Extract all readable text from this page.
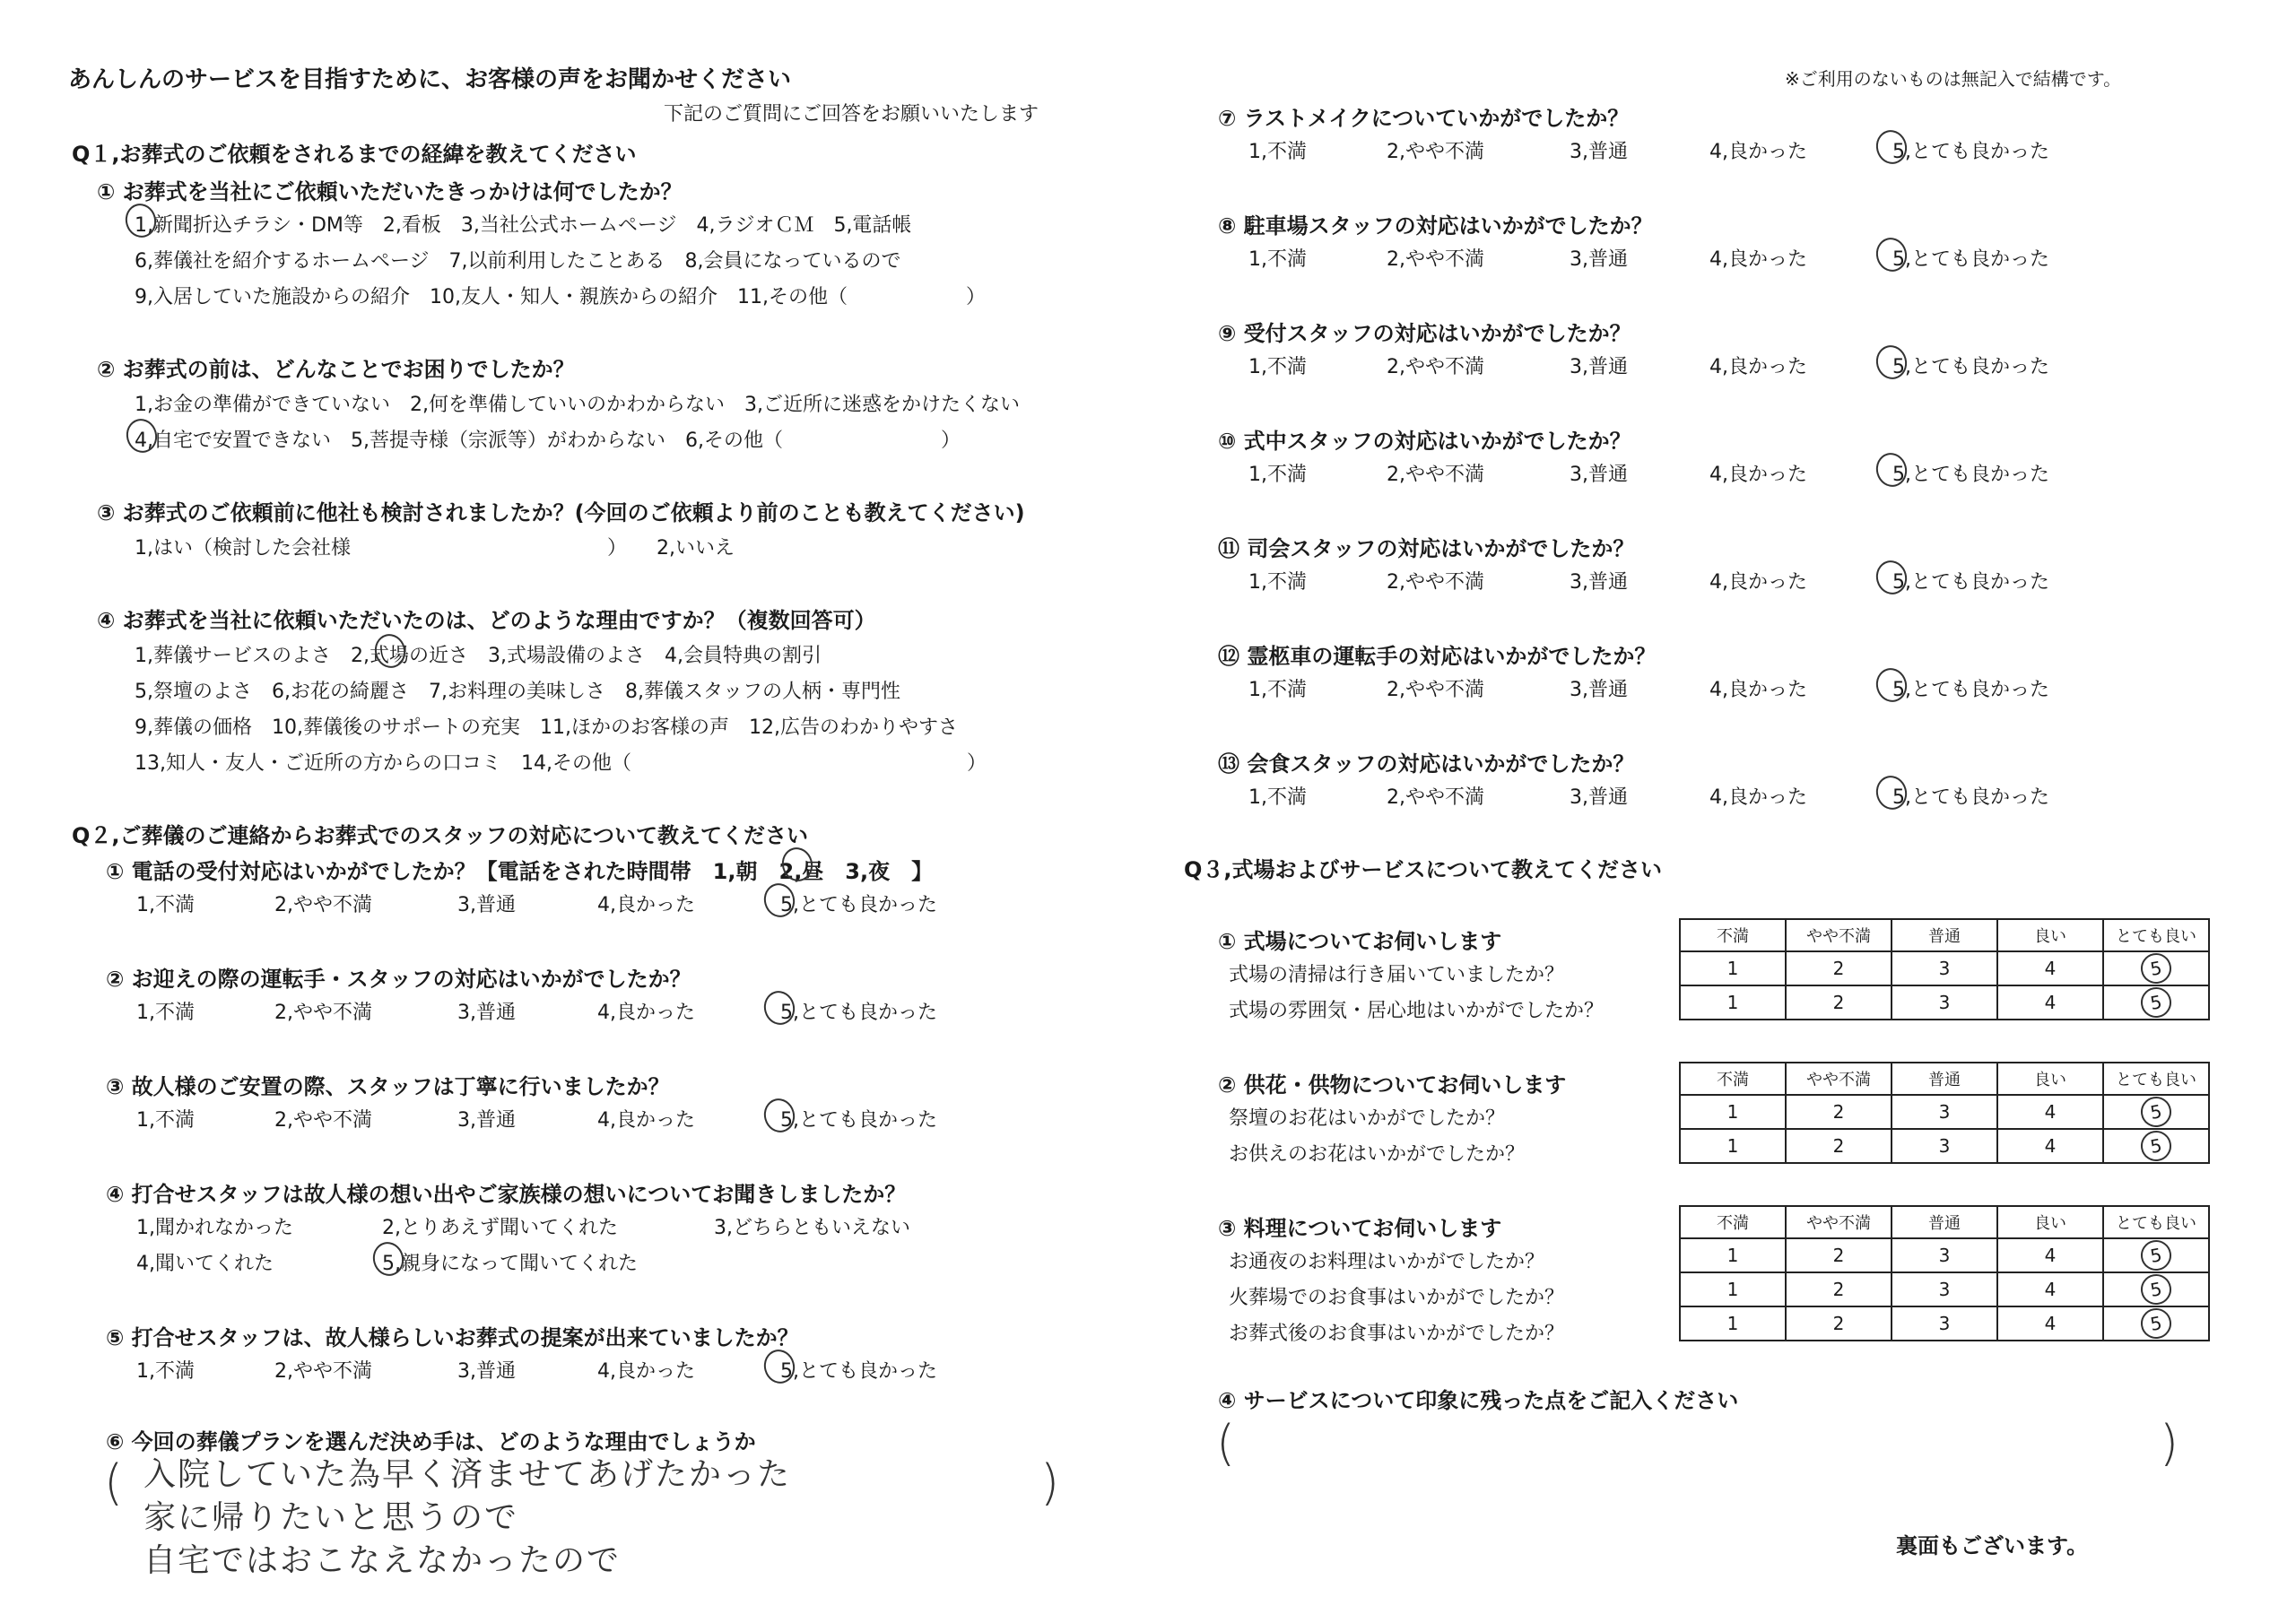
あんしんのサービスを目指すために、お客様の声をお聞かせください
下記のご質問にご回答をお願いいたします
Q１,お葬式のご依頼をされるまでの経緯を教えてください
① お葬式を当社にご依頼いただいたきっかけは何でしたか？
1,新聞折込チラシ・DM等　2,看板　3,当社公式ホームページ　4,ラジオＣＭ　5,電話帳
6,葬儀社を紹介するホームページ　7,以前利用したことある　8,会員になっているので
9,入居していた施設からの紹介　10,友人・知人・親族からの紹介　11,その他（　　　　　　）
② お葬式の前は、どんなことでお困りでしたか？
1,お金の準備ができていない　2,何を準備していいのかわからない　3,ご近所に迷惑をかけたくない
4,自宅で安置できない　5,菩提寺様（宗派等）がわからない　6,その他（　　　　　　　　）
③ お葬式のご依頼前に他社も検討されましたか？(今回のご依頼より前のことも教えてください)
1,はい（検討した会社様　　　　　　　　　　　　　）　　2,いいえ
④ お葬式を当社に依頼いただいたのは、どのような理由ですか？（複数回答可）
1,葬儀サービスのよさ　2,式場の近さ　3,式場設備のよさ　4,会員特典の割引
5,祭壇のよさ　6,お花の綺麗さ　7,お料理の美味しさ　8,葬儀スタッフの人柄・専門性
9,葬儀の価格　10,葬儀後のサポートの充実　11,ほかのお客様の声　12,広告のわかりやすさ
13,知人・友人・ご近所の方からの口コミ　14,その他（　　　　　　　　　　　　　　　　　）
Q２,ご葬儀のご連絡からお葬式でのスタッフの対応について教えてください
① 電話の受付対応はいかがでしたか？【電話をされた時間帯　1,朝　2,昼　3,夜　】
② お迎えの際の運転手・スタッフの対応はいかがでしたか？
③ 故人様のご安置の際、スタッフは丁寧に行いましたか？
④ 打合せスタッフは故人様の想い出やご家族様の想いについてお聞きしましたか？
1,聞かれなかった	2,とりあえず聞いてくれた	3,どちらともいえない
4,聞いてくれた	5,親身になって聞いてくれた
⑤ 打合せスタッフは、故人様らしいお葬式の提案が出来ていましたか？
⑥ 今回の葬儀プランを選んだ決め手は、どのような理由でしょうか
(	)
入院していた為早く済ませてあげたかった
家に帰りたいと思うので
自宅ではおこなえなかったので
※ご利用のないものは無記入で結構です。
⑦ ラストメイクについていかがでしたか？
⑧ 駐車場スタッフの対応はいかがでしたか？
⑨ 受付スタッフの対応はいかがでしたか？
⑩ 式中スタッフの対応はいかがでしたか？
⑪ 司会スタッフの対応はいかがでしたか？
⑫ 霊柩車の運転手の対応はいかがでしたか？
⑬ 会食スタッフの対応はいかがでしたか？
Q３,式場およびサービスについて教えてください
① 式場についてお伺いします
式場の清掃は行き届いていましたか？
式場の雰囲気・居心地はいかがでしたか？
不満	やや不満	普通	良い	とても良い
1	2	3	4	5
1	2	3	4	5
② 供花・供物についてお伺いします
祭壇のお花はいかがでしたか？
お供えのお花はいかがでしたか？
不満	やや不満	普通	良い	とても良い
1	2	3	4	5
1	2	3	4	5
③ 料理についてお伺いします
お通夜のお料理はいかがでしたか？
火葬場でのお食事はいかがでしたか？
お葬式後のお食事はいかがでしたか？
不満	やや不満	普通	良い	とても良い
1	2	3	4	5
1	2	3	4	5
1	2	3	4	5
④ サービスについて印象に残った点をご記入ください
(	)
裏面もございます。
1,不満	2,やや不満	3,普通	4,良かった	5,とても良かった
1,不満	2,やや不満	3,普通	4,良かった	5,とても良かった
1,不満	2,やや不満	3,普通	4,良かった	5,とても良かった
1,不満	2,やや不満	3,普通	4,良かった	5,とても良かった
1,不満	2,やや不満	3,普通	4,良かった	5,とても良かった
1,不満	2,やや不満	3,普通	4,良かった	5,とても良かった
1,不満	2,やや不満	3,普通	4,良かった	5,とても良かった
1,不満	2,やや不満	3,普通	4,良かった	5,とても良かった
1,不満	2,やや不満	3,普通	4,良かった	5,とても良かった
1,不満	2,やや不満	3,普通	4,良かった	5,とても良かった
1,不満	2,やや不満	3,普通	4,良かった	5,とても良かった
